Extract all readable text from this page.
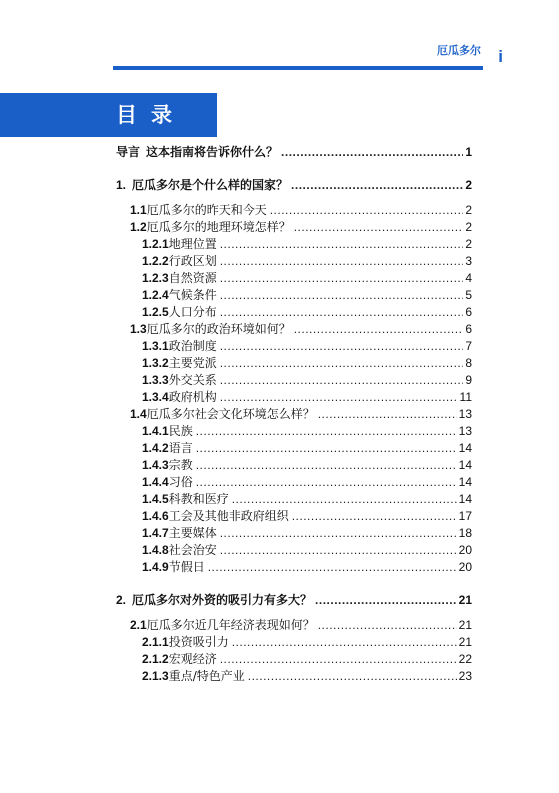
厄瓜多尔 i
目录
导言 这本指南将告诉你什么？ .....	1
1. 厄瓜多尔是个什么样的国家？ .....	2
1.1 厄瓜多尔的昨天和今天 .....	2
1.2 厄瓜多尔的地理环境怎样？ .....	2
1.2.1 地理位置 .....	2
1.2.2 行政区划 .....	3
1.2.3 自然资源 .....	4
1.2.4 气候条件 .....	5
1.2.5 人口分布 .....	6
1.3 厄瓜多尔的政治环境如何？ .....	6
1.3.1 政治制度 .....	7
1.3.2 主要党派 .....	8
1.3.3 外交关系 .....	9
1.3.4 政府机构 .....	11
1.4 厄瓜多尔社会文化环境怎么样？ .....	13
1.4.1 民族 .....	13
1.4.2 语言 .....	14
1.4.3 宗教 .....	14
1.4.4 习俗 .....	14
1.4.5 科教和医疗 .....	14
1.4.6 工会及其他非政府组织 .....	17
1.4.7 主要媒体 .....	18
1.4.8 社会治安 .....	20
1.4.9 节假日 .....	20
2. 厄瓜多尔对外资的吸引力有多大？ .....	21
2.1 厄瓜多尔近几年经济表现如何？ .....	21
2.1.1 投资吸引力 .....	21
2.1.2 宏观经济 .....	22
2.1.3 重点/特色产业 .....	23
